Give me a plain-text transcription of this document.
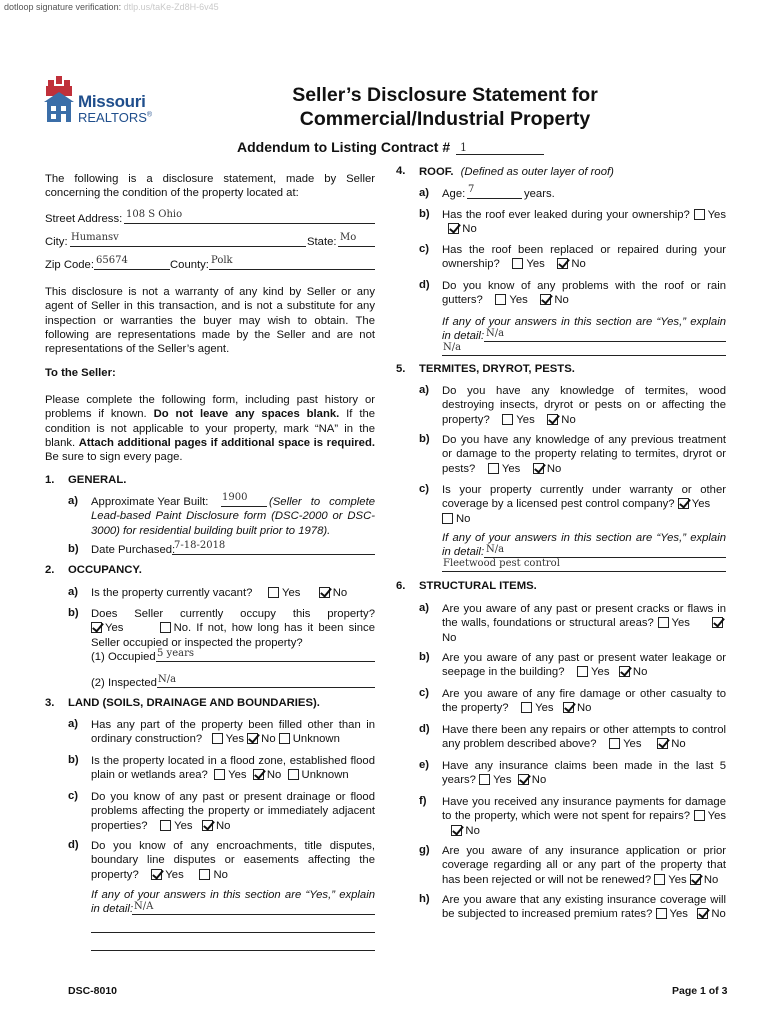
dotloop signature verification: dtlp.us/taKe-Zd8H-6v45
Missouri
REALTORS®
Seller’s Disclosure Statement for
Commercial/Industrial Property
Addendum to Listing Contract # 1
The following is a disclosure statement, made by Seller concerning the condition of the property located at:
Street Address: 108 S Ohio
City: Humansv	State: Mo
Zip Code: 65674	County: Polk
This disclosure is not a warranty of any kind by Seller or any agent of Seller in this transaction, and is not a substitute for any inspection or warranties the buyer may wish to obtain. The following are representations made by the Seller and are not representations of the Seller’s agent.
To the Seller:
Please complete the following form, including past history or problems if known. Do not leave any spaces blank. If the condition is not applicable to your property, mark “NA” in the blank. Attach additional pages if additional space is required. Be sure to sign every page.
1. GENERAL.
a) Approximate Year Built: 1900	(Seller to complete Lead-based Paint Disclosure form (DSC-2000 or DSC-3000) for residential building built prior to 1978).
b) Date Purchased:
7-18-2018
2. OCCUPANCY.
a) Is the property currently vacant?	Yes	No
b) Does Seller currently occupy this property?
Yes	No. If not, how long has it been since Seller occupied or inspected the property?
(1) Occupied 5 years
(2) Inspected N/a
3. LAND (SOILS, DRAINAGE AND BOUNDARIES).
a) Has any part of the property been filled other than in ordinary construction? Yes No Unknown
b) Is the property located in a flood zone, established flood plain or wetlands area? Yes No Unknown
c) Do you know of any past or present drainage or flood problems affecting the property or immediately adjacent properties? Yes No
d) Do you know of any encroachments, title disputes, boundary line disputes or easements affecting the property? Yes	No
If any of your answers in this section are “Yes,” explain in detail: N/A
4. ROOF. (Defined as outer layer of roof)
a) Age: 7	years.
b) Has the roof ever leaked during your ownership? Yes   No
c) Has the roof been replaced or repaired during your ownership? Yes No
d) Do you know of any problems with the roof or rain gutters? Yes No
If any of your answers in this section are “Yes,” explain in detail: N/a
N/a
5. TERMITES, DRYROT, PESTS.
a) Do you have any knowledge of termites, wood destroying insects, dryrot or pests on or affecting the property? Yes No
b) Do you have any knowledge of any previous treatment or damage to the property relating to termites, dryrot or pests? Yes No
c) Is your property currently under warranty or other coverage by a licensed pest control company? Yes     No
If any of your answers in this section are “Yes,” explain in detail: N/a
Fleetwood pest control
6. STRUCTURAL ITEMS.
a) Are you aware of any past or present cracks or flaws in the walls, foundations or structural areas? Yes      No
b) Are you aware of any past or present water leakage or seepage in the building? Yes No
c) Are you aware of any fire damage or other casualty to the property? Yes No
d) Have there been any repairs or other attempts to control any problem described above? Yes	No
e) Have any insurance claims been made in the last 5 years? Yes No
f) Have you received any insurance payments for damage to the property, which were not spent for repairs? Yes    No
g) Are you aware of any insurance application or prior coverage regarding all or any part of the property that has been rejected or will not be renewed? Yes No
h) Are you aware that any existing insurance coverage will be subjected to increased premium rates? Yes No
DSC-8010	Page 1 of 3
